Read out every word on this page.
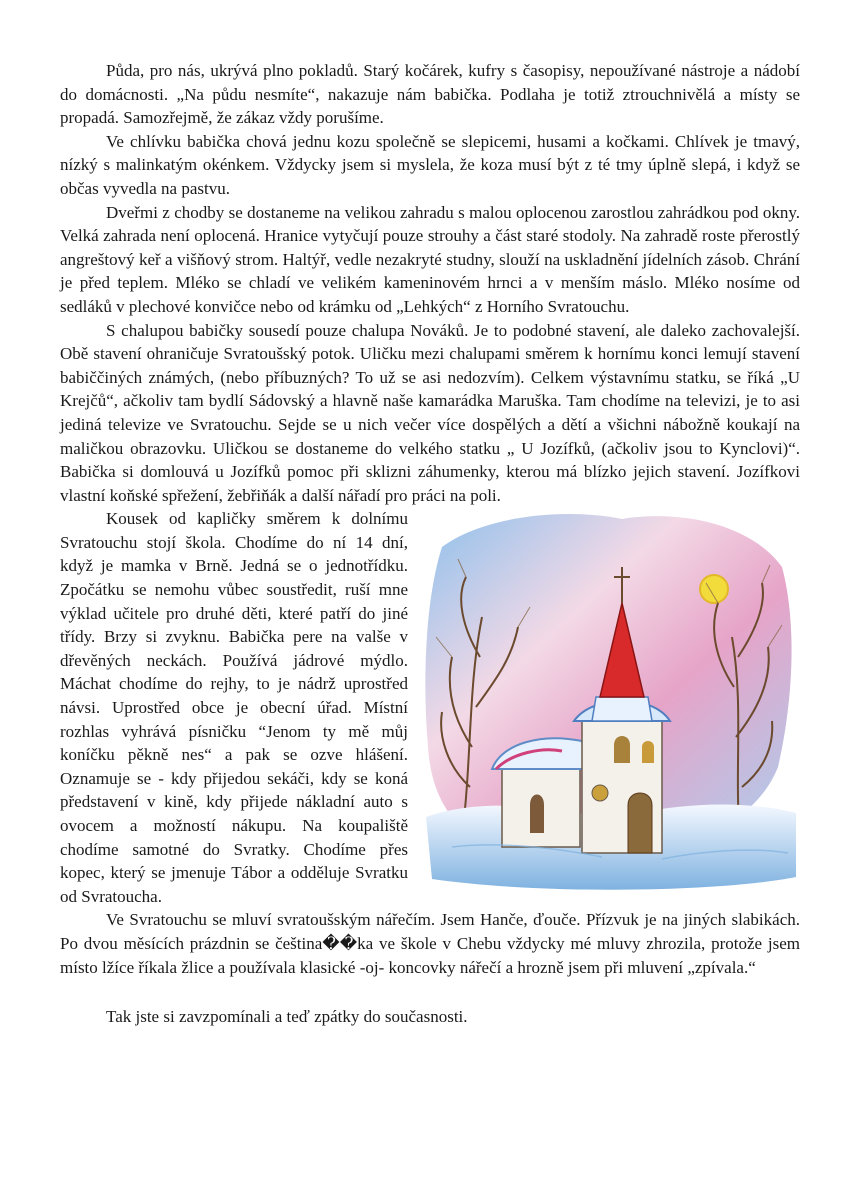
Půda, pro nás, ukrývá plno pokladů. Starý kočárek, kufry s časopisy, nepoužívané nástroje a nádobí do domácnosti. „Na půdu nesmíte“, nakazuje nám babička. Podlaha je totiž ztrouchnivělá a místy se propadá. Samozřejmě, že zákaz vždy porušíme.

Ve chlívku babička chová jednu kozu společně se slepicemi, husami a kočkami. Chlívek je tmavý, nízký s malinkatým okénkem. Vždycky jsem si myslela, že koza musí být z té tmy úplně slepá, i když se občas vyvedla na pastvu.

Dveřmi z chodby se dostaneme na velikou zahradu s malou oplocenou zarostlou zahrádkou pod okny. Velká zahrada není oplocená. Hranice vytyčují pouze strouhy a část staré stodoly. Na zahradě roste přerostlý angreštový keř a višňový strom. Haltýř, vedle nezakryté studny, slouží na uskladnění jídelních zásob. Chrání je před teplem. Mléko se chladí ve velikém kameninovém hrnci a v menším máslo. Mléko nosíme od sedláků v plechové konvičce nebo od krámku od „Lehkých“ z Horního Svratouchu.

S chalupou babičky sousedí pouze chalupa Nováků. Je to podobné stavení, ale daleko zachovalejší. Obě stavení ohraničuje Svratoušský potok. Uličku mezi chalupami směrem k hornímu konci lemují stavení babiččiných známých, (nebo příbuzných? To už se asi nedozvím). Celkem výstavnímu statku, se říká „U Krejčů“, ačkoliv tam bydlí Sádovský a hlavně naše kamarádka Maruška. Tam chodíme na televizi, je to asi jediná televize ve Svratouchu. Sejde se u nich večer více dospělých a dětí a všichni nábožně koukají na maličkou obrazovku. Uličkou se dostaneme do velkého statku „ U Jozífků, (ačkoliv jsou to Kynclovi)“. Babička si domlouvá u Jozífků pomoc při sklizni záhumenky, kterou má blízko jejich stavení. Jozífkovi vlastní koňské spřežení, žebřiňák a další nářadí pro práci na poli.

Kousek od kapličky směrem k dolnímu Svratouchu stojí škola. Chodíme do ní 14 dní, když je mamka v Brně. Jedná se o jednotřídku. Zpočátku se nemohu vůbec soustředit, ruší mne výklad učitele pro druhé děti, které patří do jiné třídy. Brzy si zvyknu. Babička pere na valše v dřevěných neckách. Používá jádrové mýdlo. Máchat chodíme do rejhy, to je nádrž uprostřed návsi. Uprostřed obce je obecní úřad. Místní rozhlas vyhrává písničku “Jenom ty mě můj koníčku pěkně nes“ a pak se ozve hlášení. Oznamuje se - kdy přijedou sekáči, kdy se koná představení v kině, kdy přijede nákladní auto s ovocem a možností nákupu. Na koupaliště chodíme samotné do Svratky. Chodíme přes kopec, který se jmenuje Tábor a odděluje Svratku od Svratoucha.

Ve Svratouchu se mluví svratoušským nářečím. Jsem Hanče, ďouče. Přízvuk je na jiných slabikách. Po dvou měsících prázdnin se čeština��ka ve škole v Chebu vždycky mé mluvy zhrozila, protože jsem místo lžíce říkala žlice a používala klasické -oj- koncovky nářečí a hrozně jsem při mluvení „zpívala.“

Tak jste si zavzpomínali a teď zpátky do současnosti.
